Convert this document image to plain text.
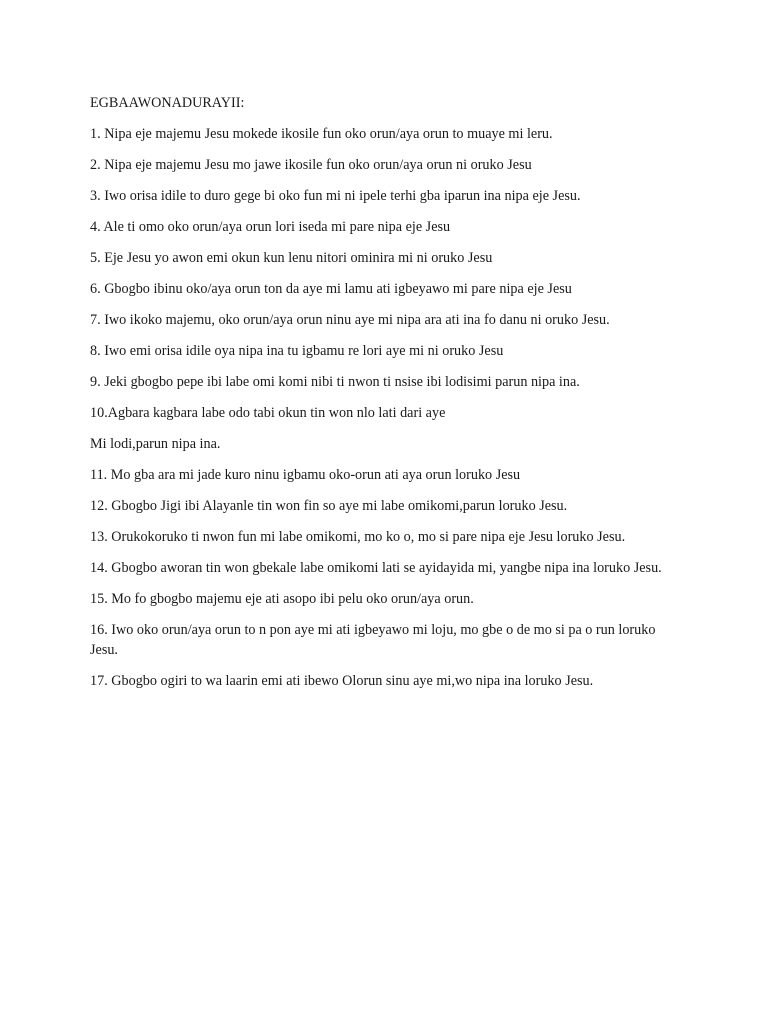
EGBAAWONADURAYII:

1. Nipa eje majemu Jesu mokede ikosile fun oko orun/aya orun to muaye mi leru.

2. Nipa eje majemu Jesu mo jawe ikosile fun oko orun/aya orun ni oruko Jesu

3. Iwo orisa idile to duro gege bi oko fun mi ni ipele terhi gba iparun ina nipa eje Jesu.

4. Ale ti omo oko orun/aya orun lori iseda mi pare nipa eje Jesu

5. Eje Jesu yo awon emi okun kun lenu nitori ominira mi ni oruko Jesu

6. Gbogbo ibinu oko/aya orun ton da aye mi lamu ati igbeyawo mi pare nipa eje Jesu

7. Iwo ikoko majemu, oko orun/aya orun ninu aye mi nipa ara ati ina fo danu ni oruko Jesu.

8. Iwo emi orisa idile oya nipa ina tu igbamu re lori aye mi ni oruko Jesu

9. Jeki gbogbo pepe ibi labe omi komi nibi ti nwon ti nsise ibi lodisimi parun nipa ina.

10.Agbara kagbara labe odo tabi okun tin won nlo lati dari aye

Mi lodi,parun nipa ina.

11. Mo gba ara mi jade kuro ninu igbamu oko-orun ati aya orun loruko Jesu

12. Gbogbo Jigi ibi Alayanle tin won fin so aye mi labe omikomi,parun loruko Jesu.

13. Orukokoruko ti nwon fun mi labe omikomi, mo ko o, mo si pare nipa eje Jesu loruko Jesu.

14. Gbogbo aworan tin won gbekale labe omikomi lati se ayidayida mi, yangbe nipa ina loruko Jesu.

15. Mo fo gbogbo majemu eje ati asopo ibi pelu oko orun/aya orun.

16. Iwo oko orun/aya orun to n pon aye mi ati igbeyawo mi loju, mo gbe o de mo si pa o run loruko Jesu.

17. Gbogbo ogiri to wa laarin emi ati ibewo Olorun sinu aye mi,wo nipa ina loruko Jesu.
